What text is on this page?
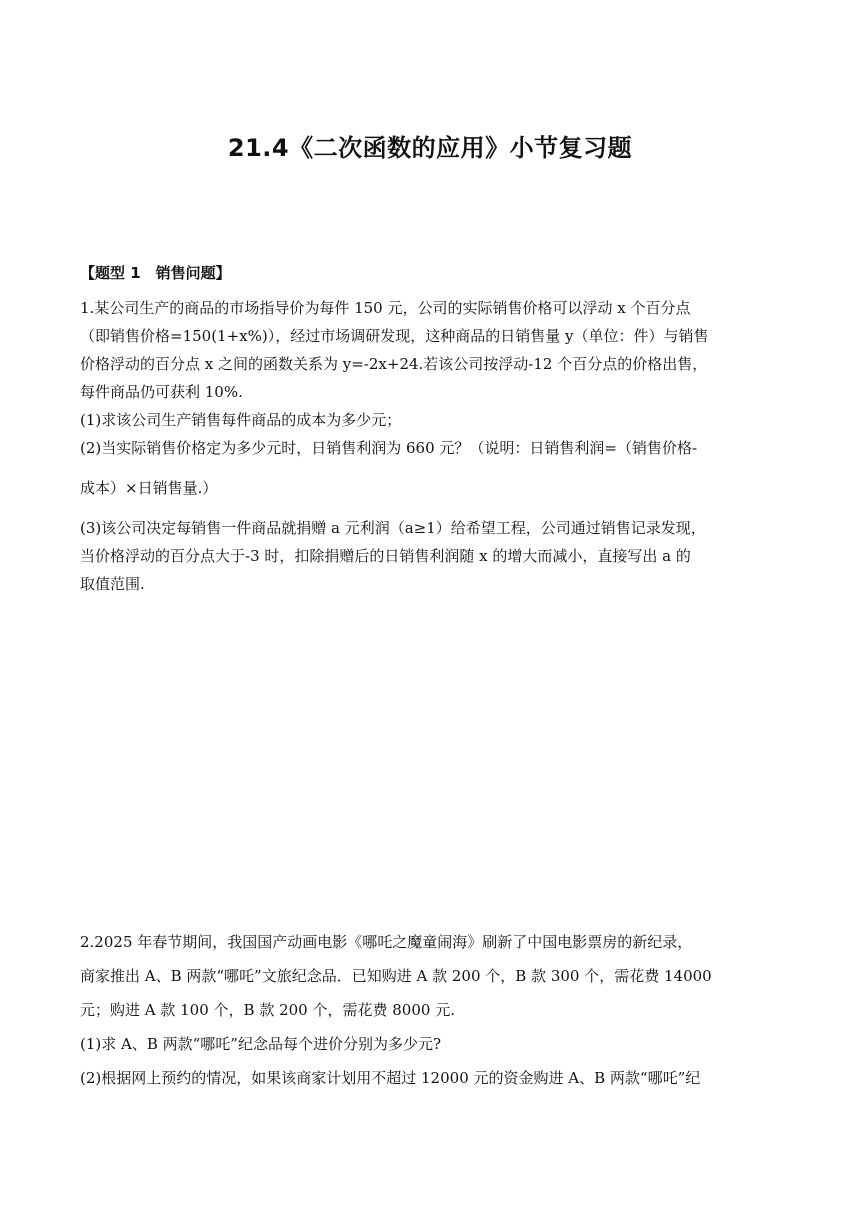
21.4《二次函数的应用》小节复习题
【题型 1　销售问题】

1.某公司生产的商品的市场指导价为每件 150 元，公司的实际销售价格可以浮动 x 个百分点

（即销售价格=150(1+x%)），经过市场调研发现，这种商品的日销售量 y（单位：件）与销售

价格浮动的百分点 x 之间的函数关系为 y=-2x+24.若该公司按浮动-12 个百分点的价格出售，

每件商品仍可获利 10%.

(1)求该公司生产销售每件商品的成本为多少元；

(2)当实际销售价格定为多少元时，日销售利润为 660 元？（说明：日销售利润=（销售价格-

成本）×日销售量.）

(3)该公司决定每销售一件商品就捐赠 a 元利润（a≥1）给希望工程，公司通过销售记录发现，

当价格浮动的百分点大于-3 时，扣除捐赠后的日销售利润随 x 的增大而减小，直接写出 a 的

取值范围.

2.2025 年春节期间，我国国产动画电影《哪吒之魔童闹海》刷新了中国电影票房的新纪录，

商家推出 A、B 两款“哪吒”文旅纪念品．已知购进 A 款 200 个，B 款 300 个，需花费 14000

元；购进 A 款 100 个，B 款 200 个，需花费 8000 元.

(1)求 A、B 两款“哪吒”纪念品每个进价分别为多少元?

(2)根据网上预约的情况，如果该商家计划用不超过 12000 元的资金购进 A、B 两款“哪吒”纪
